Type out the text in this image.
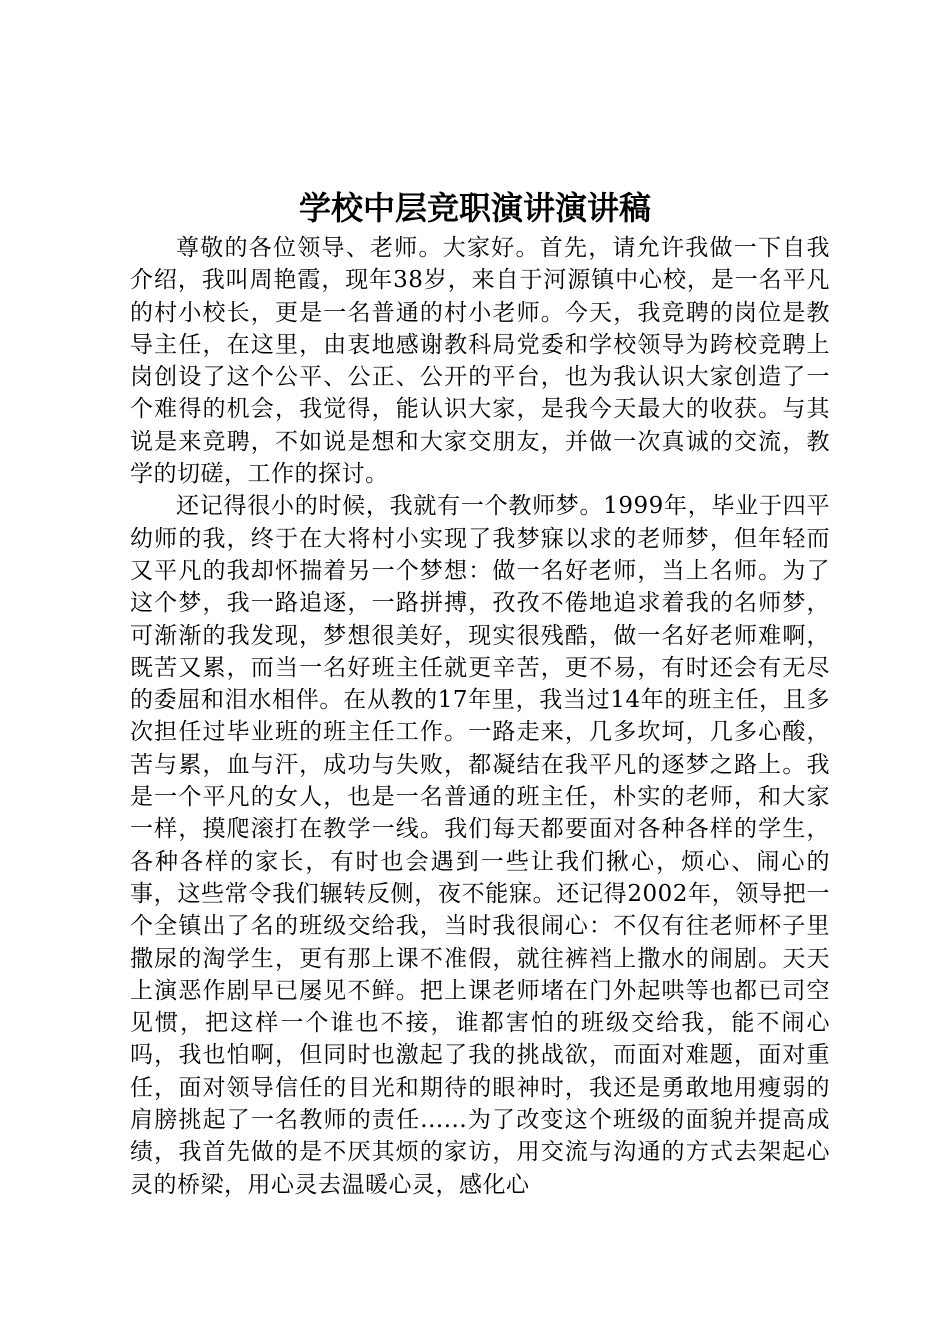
学校中层竞职演讲演讲稿

尊敬的各位领导、老师。大家好。首先，请允许我做一下自我介绍，我叫周艳霞，现年38岁，来自于河源镇中心校，是一名平凡的村小校长，更是一名普通的村小老师。今天，我竞聘的岗位是教导主任，在这里，由衷地感谢教科局党委和学校领导为跨校竞聘上岗创设了这个公平、公正、公开的平台，也为我认识大家创造了一个难得的机会，我觉得，能认识大家，是我今天最大的收获。与其说是来竞聘，不如说是想和大家交朋友，并做一次真诚的交流，教学的切磋，工作的探讨。

还记得很小的时候，我就有一个教师梦。1999年，毕业于四平幼师的我，终于在大将村小实现了我梦寐以求的老师梦，但年轻而又平凡的我却怀揣着另一个梦想：做一名好老师，当上名师。为了这个梦，我一路追逐，一路拼搏，孜孜不倦地追求着我的名师梦，可渐渐的我发现，梦想很美好，现实很残酷，做一名好老师难啊，既苦又累，而当一名好班主任就更辛苦，更不易，有时还会有无尽的委屈和泪水相伴。在从教的17年里，我当过14年的班主任，且多次担任过毕业班的班主任工作。一路走来，几多坎坷，几多心酸，苦与累，血与汗，成功与失败，都凝结在我平凡的逐梦之路上。我是一个平凡的女人，也是一名普通的班主任，朴实的老师，和大家一样，摸爬滚打在教学一线。我们每天都要面对各种各样的学生，各种各样的家长，有时也会遇到一些让我们揪心，烦心、闹心的事，这些常令我们辗转反侧，夜不能寐。还记得2002年，领导把一个全镇出了名的班级交给我，当时我很闹心：不仅有往老师杯子里撒尿的淘学生，更有那上课不准假，就往裤裆上撒水的闹剧。天天上演恶作剧早已屡见不鲜。把上课老师堵在门外起哄等也都已司空见惯，把这样一个谁也不接，谁都害怕的班级交给我，能不闹心吗，我也怕啊，但同时也激起了我的挑战欲，而面对难题，面对重任，面对领导信任的目光和期待的眼神时，我还是勇敢地用瘦弱的肩膀挑起了一名教师的责任......为了改变这个班级的面貌并提高成绩，我首先做的是不厌其烦的家访，用交流与沟通的方式去架起心灵的桥梁，用心灵去温暖心灵，感化心
